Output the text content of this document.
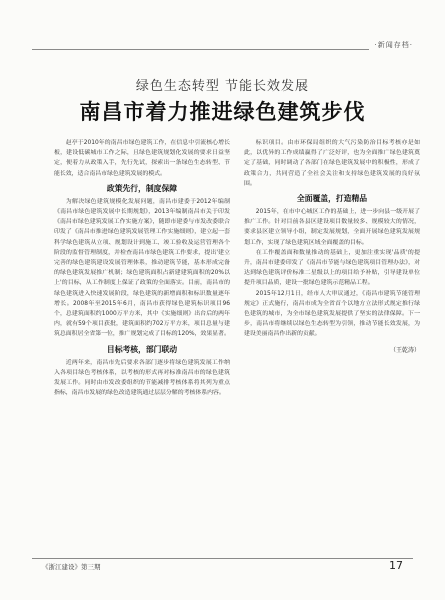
·新闻存档·
绿色生态转型 节能长效发展
南昌市着力推进绿色建筑步伐

赵亭于2010年的南昌市绿色建筑工作，在信息中引流核心增长板，建设低碳城市工作之际，且绿色建筑规划化发展的要求日益坚定，便着力从政策入手，先行先试，探索出一条绿色生态转型、节能长效，适合南昌市绿色建筑发展的模式。

政策先行，制度保障

为解决绿色建筑规模化发展问题，南昌市建委于2012年编制《南昌市绿色建筑发展中长期规划》，2013年编制南昌市关于印发《南昌市绿色建筑发展工作实施方案》，随即市建委与市发改委联合印发了《南昌市推进绿色建筑发展管理工作实施细则》，建立起一套科学绿色建筑从立项、规划设计到施工、竣工验收及运营管理各个阶段的监督管理制度，并检查南昌市绿色建筑工作要求，提出'建立完善的绿色建筑建设发展管理体系，推动建筑节能，基本形成完备的绿色建筑发展推广机制；绿色建筑面积占新建建筑面积的20%以上'的目标，从工作制度上保证了政策的全面落实。目前，南昌市的绿色建筑进入快速发展阶段，绿色建筑的新增面积和标识数量逐年增长。2008年至2015年6月，南昌市获得绿色建筑标识项目96个，总建筑面积约1000万平方米，其中《实施细则》出台后的两年内，就有59个项目获批，建筑面积约702万平方米，项目总量与建筑总面积居全省第一位，推广规划完成了目标的120%，效果显著。

目标考核，部门联动

近两年来，南昌市先后要求各部门逐步将绿色建筑发展工作纳入各项目绿色考核体系，以考核的形式再对标准南昌市的绿色建筑发展工作。同时由市发改委组织的节能减排考核体系将其列为重点指标，南昌市发展的绿色改造建筑通过层层分解的考核体系内容。

标识项目。由市环保局组织的大气污染防治目标考核亦是如此，以优异的工作成绩赢得了广泛好评，也为全面推广绿色建筑奠定了基础，同时调动了各部门在绿色建筑发展中的积极性，形成了政策合力，共同营造了全社会关注和支持绿色建筑发展的良好氛围。

全面覆盖，打造精品

2015年，在市中心城区工作的基础上，进一步向县一级开展了推广工作。针对目前各县区建设项目数量较多、规模较大的情况，要求县区建立领导小组，制定发展规划，全面开展绿色建筑发展规划工作，实现了绿色建筑区域全面覆盖的目标。

在工作覆盖面和数量推动的基础上，更加注重实现'品质'的提升，南昌市建委印发了《南昌市节能与绿色建筑项目管理办法》，对达到绿色建筑评价标准二星级以上的项目给予补贴，引导建设单位提升项目品质，建设一批绿色建筑示范精品工程。

2015年12月1日，经市人大审议通过，《南昌市建筑节能管理规定》正式施行，南昌市成为全省首个以地方立法形式规定推行绿色建筑的城市，为全市绿色建筑发展提供了坚实的法律保障。下一步，南昌市将继续以绿色生态转型为引领，推动节能长效发展，为建设美丽南昌作出新的贡献。

（王乾涛）
《浙江建设》第三期	17
